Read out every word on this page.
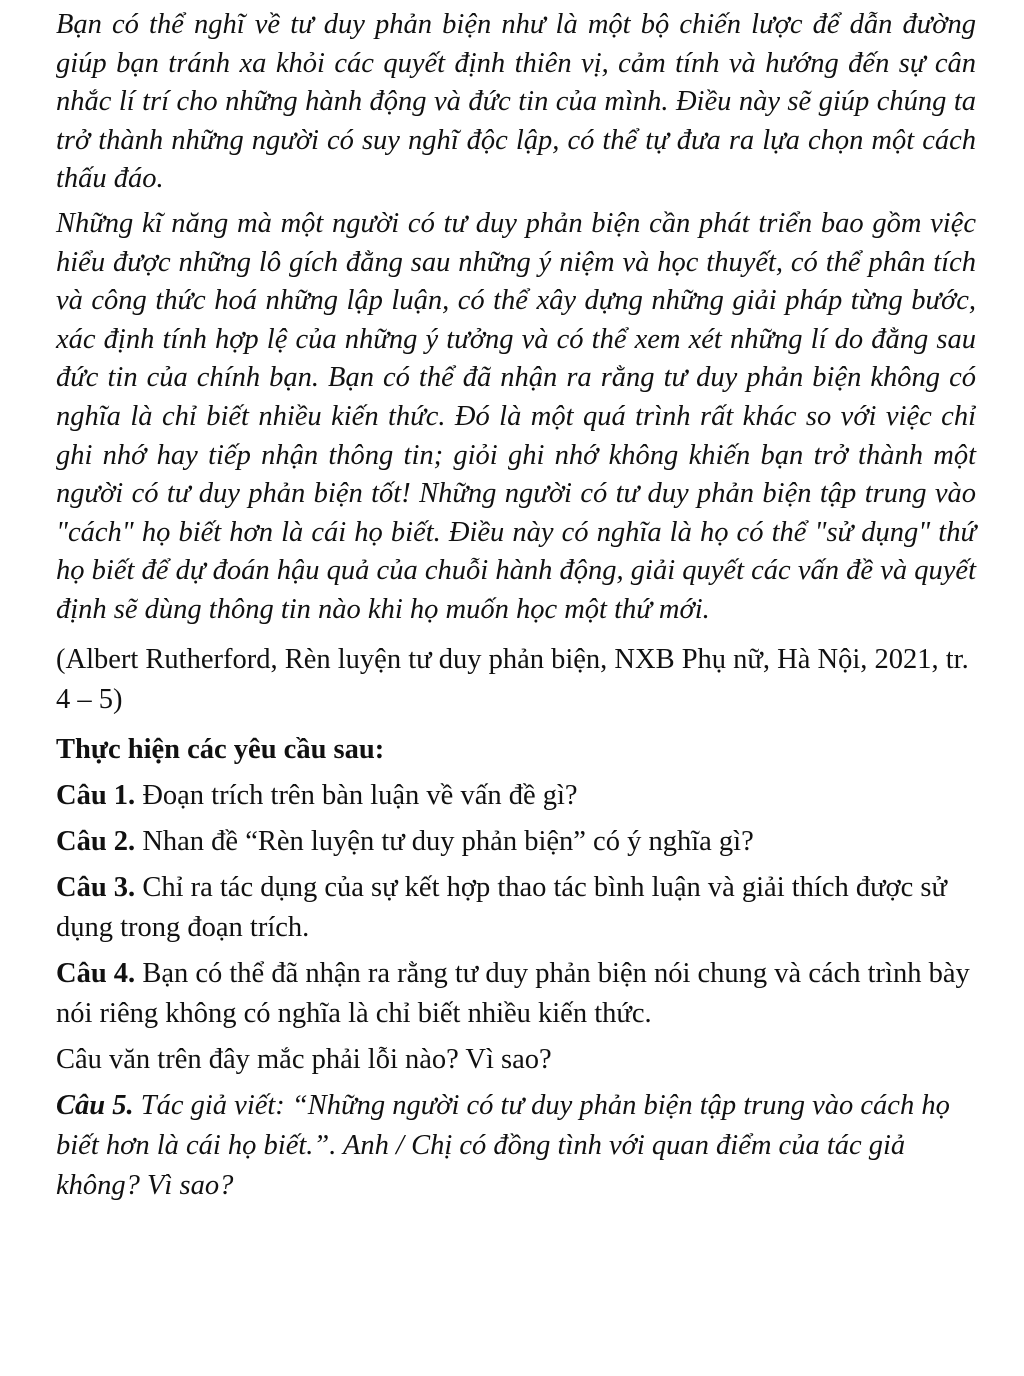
Bạn có thể nghĩ về tư duy phản biện như là một bộ chiến lược để dẫn đường giúp bạn tránh xa khỏi các quyết định thiên vị, cảm tính và hướng đến sự cân nhắc lí trí cho những hành động và đức tin của mình. Điều này sẽ giúp chúng ta trở thành những người có suy nghĩ độc lập, có thể tự đưa ra lựa chọn một cách thấu đáo.

Những kĩ năng mà một người có tư duy phản biện cần phát triển bao gồm việc hiểu được những lô gích đằng sau những ý niệm và học thuyết, có thể phân tích và công thức hoá những lập luận, có thể xây dựng những giải pháp từng bước, xác định tính hợp lệ của những ý tưởng và có thể xem xét những lí do đằng sau đức tin của chính bạn. Bạn có thể đã nhận ra rằng tư duy phản biện không có nghĩa là chỉ biết nhiều kiến thức. Đó là một quá trình rất khác so với việc chỉ ghi nhớ hay tiếp nhận thông tin; giỏi ghi nhớ không khiến bạn trở thành một người có tư duy phản biện tốt! Những người có tư duy phản biện tập trung vào "cách" họ biết hơn là cái họ biết. Điều này có nghĩa là họ có thể "sử dụng" thứ họ biết để dự đoán hậu quả của chuỗi hành động, giải quyết các vấn đề và quyết định sẽ dùng thông tin nào khi họ muốn học một thứ mới.

(Albert Rutherford, Rèn luyện tư duy phản biện, NXB Phụ nữ, Hà Nội, 2021, tr. 4 – 5)
Thực hiện các yêu cầu sau:
Câu 1. Đoạn trích trên bàn luận về vấn đề gì?
Câu 2. Nhan đề “Rèn luyện tư duy phản biện” có ý nghĩa gì?
Câu 3. Chỉ ra tác dụng của sự kết hợp thao tác bình luận và giải thích được sử dụng trong đoạn trích.
Câu 4. Bạn có thể đã nhận ra rằng tư duy phản biện nói chung và cách trình bày nói riêng không có nghĩa là chỉ biết nhiều kiến thức.
Câu văn trên đây mắc phải lỗi nào? Vì sao?
Câu 5. Tác giả viết: “Những người có tư duy phản biện tập trung vào cách họ biết hơn là cái họ biết.”. Anh / Chị có đồng tình với quan điểm của tác giả không? Vì sao?
